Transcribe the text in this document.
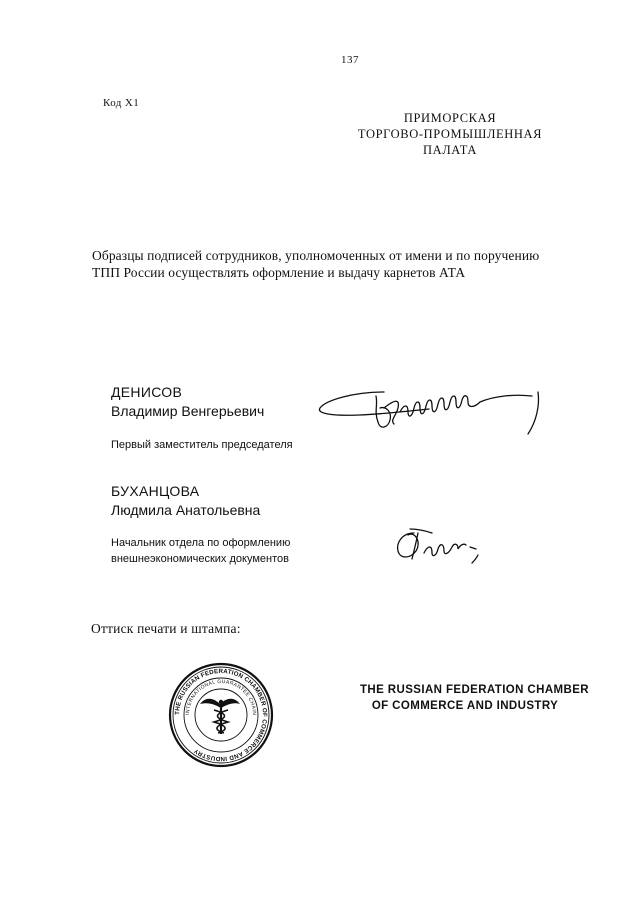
137
Код X1
ПРИМОРСКАЯ
ТОРГОВО-ПРОМЫШЛЕННАЯ
ПАЛАТА
Образцы подписей сотрудников, уполномоченных от имени и по поручению
ТПП России осуществлять оформление и выдачу карнетов АТА
ДЕНИСОВ
Владимир Венгерьевич
Первый заместитель председателя
БУХАНЦОВА
Людмила Анатольевна
Начальник отдела по оформлению
внешнеэкономических документов
Оттиск печати и штампа:
THE RUSSIAN FEDERATION CHAMBER OF COMMERCE AND INDUSTRY
INTERNATIONAL GUARANTEE CHAIN
THE RUSSIAN FEDERATION CHAMBER
OF COMMERCE AND INDUSTRY
